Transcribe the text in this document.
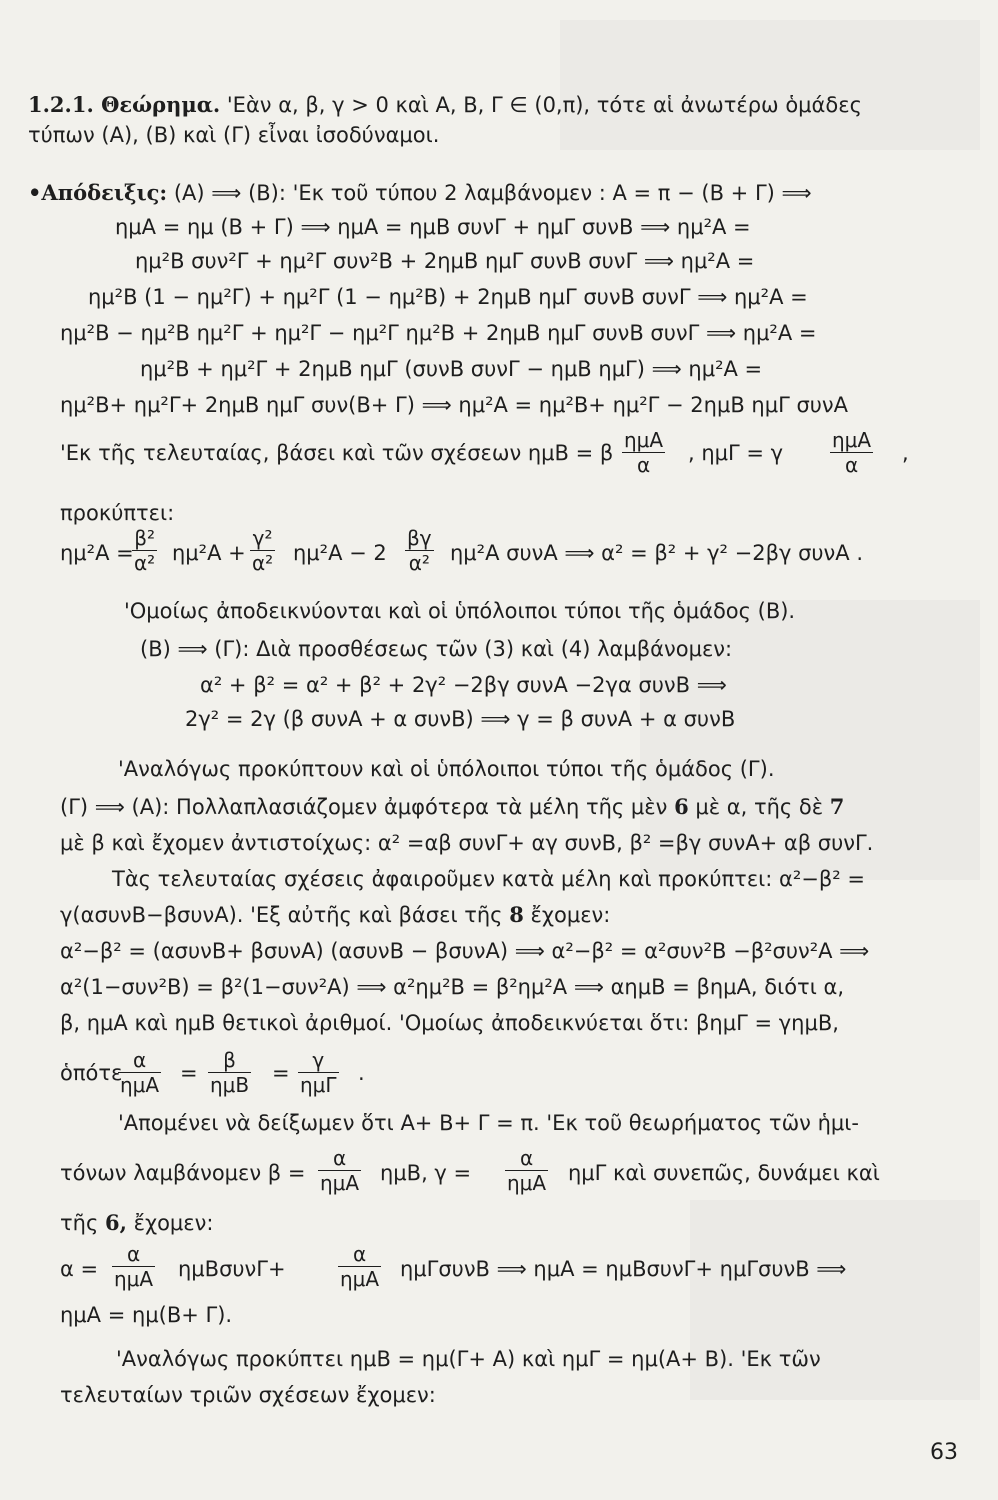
1.2.1. Θεώρημα. 'Εὰν α, β, γ > 0 καὶ Α, Β, Γ ∈ (0,π), τότε αἱ ἀνωτέρω ὁμάδες
τύπων (Α), (Β) καὶ (Γ) εἶναι ἰσοδύναμοι.
•Απόδειξις: (Α) ⟹ (Β): 'Εκ τοῦ τύπου 2 λαμβάνομεν : Α = π − (Β + Γ) ⟹
ημΑ = ημ (Β + Γ) ⟹ ημΑ = ημΒ συνΓ + ημΓ συνΒ ⟹ ημ²Α =
ημ²Β συν²Γ + ημ²Γ συν²Β + 2ημΒ ημΓ συνΒ συνΓ ⟹ ημ²Α =
ημ²Β (1 − ημ²Γ) + ημ²Γ (1 − ημ²Β) + 2ημΒ ημΓ συνΒ συνΓ ⟹ ημ²Α =
ημ²Β − ημ²Β ημ²Γ + ημ²Γ − ημ²Γ ημ²Β + 2ημΒ ημΓ συνΒ συνΓ ⟹ ημ²Α =
ημ²Β + ημ²Γ + 2ημΒ ημΓ (συνΒ συνΓ − ημΒ ημΓ) ⟹ ημ²Α =
ημ²Β+ ημ²Γ+ 2ημΒ ημΓ συν(Β+ Γ) ⟹ ημ²Α = ημ²Β+ ημ²Γ − 2ημΒ ημΓ συνΑ
'Εκ τῆς τελευταίας, βάσει καὶ τῶν σχέσεων ημΒ = β
ημΑ
α	, ημΓ = γ
ημΑ
α	,
προκύπτει:
ημ²Α =
$\frac{\text{β²}}{\text{α²}} \eta\mu^2A + \frac{\text{γ²}}{\text{α²}} \eta\mu^2A - 2 \frac{\beta\gamma}{\text{α²}} \eta\mu^2A$ συνΑ ⟹ α² = β² + γ² −2βγ συνΑ .
'Ομοίως ἀποδεικνύονται καὶ οἱ ὑπόλοιποι τύποι τῆς ὁμάδος (Β).
(Β) ⟹ (Γ): Διὰ προσθέσεως τῶν (3) καὶ (4) λαμβάνομεν:
α² + β² = α² + β² + 2γ² −2βγ συνΑ −2γα συνΒ ⟹
2γ² = 2γ (β συνΑ + α συνΒ) ⟹ γ = β συνΑ + α συνΒ
'Αναλόγως προκύπτουν καὶ οἱ ὑπόλοιποι τύποι τῆς ὁμάδος (Γ).
(Γ) ⟹ (Α): Πολλαπλασιάζομεν ἀμφότερα τὰ μέλη τῆς μὲν 6 μὲ α, τῆς δὲ 7
μὲ β καὶ ἔχομεν ἀντιστοίχως: α² =αβ συνΓ+ αγ συνΒ, β² =βγ συνΑ+ αβ συνΓ.
Τὰς τελευταίας σχέσεις ἀφαιροῦμεν κατὰ μέλη καὶ προκύπτει: α²−β² =
γ(ασυνΒ−βσυνΑ). 'Εξ αὐτῆς καὶ βάσει τῆς 8 ἔχομεν:
α²−β² = (ασυνΒ+ βσυνΑ) (ασυνΒ − βσυνΑ) ⟹ α²−β² = α²συν²Β −β²συν²Α ⟹
α²(1−συν²Β) = β²(1−συν²Α) ⟹ α²ημ²Β = β²ημ²Α ⟹ αημΒ = βημΑ, διότι α,
β, ημΑ καὶ ημΒ θετικοὶ ἀριθμοί. 'Ομοίως ἀποδεικνύεται ὅτι: βημΓ = γημΒ,
ὁπότε
α
ημΑ =
β
ημΒ =
γ
ημΓ .
'Απομένει νὰ δείξωμεν ὅτι Α+ Β+ Γ = π. 'Εκ τοῦ θεωρήματος τῶν ἡμι-
τόνων λαμβάνομεν β =
α
ημΑ ημΒ, γ =
α
ημΑ ημΓ καὶ συνεπῶς, δυνάμει καὶ
τῆς 6, ἔχομεν:
α =
α
ημΑ ημΒσυνΓ+
α
ημΑ ημΓσυνΒ ⟹ ημΑ = ημΒσυνΓ+ ημΓσυνΒ ⟹
ημΑ = ημ(Β+ Γ).
'Αναλόγως προκύπτει ημΒ = ημ(Γ+ Α) καὶ ημΓ = ημ(Α+ Β). 'Εκ τῶν
τελευταίων τριῶν σχέσεων ἔχομεν:
63
